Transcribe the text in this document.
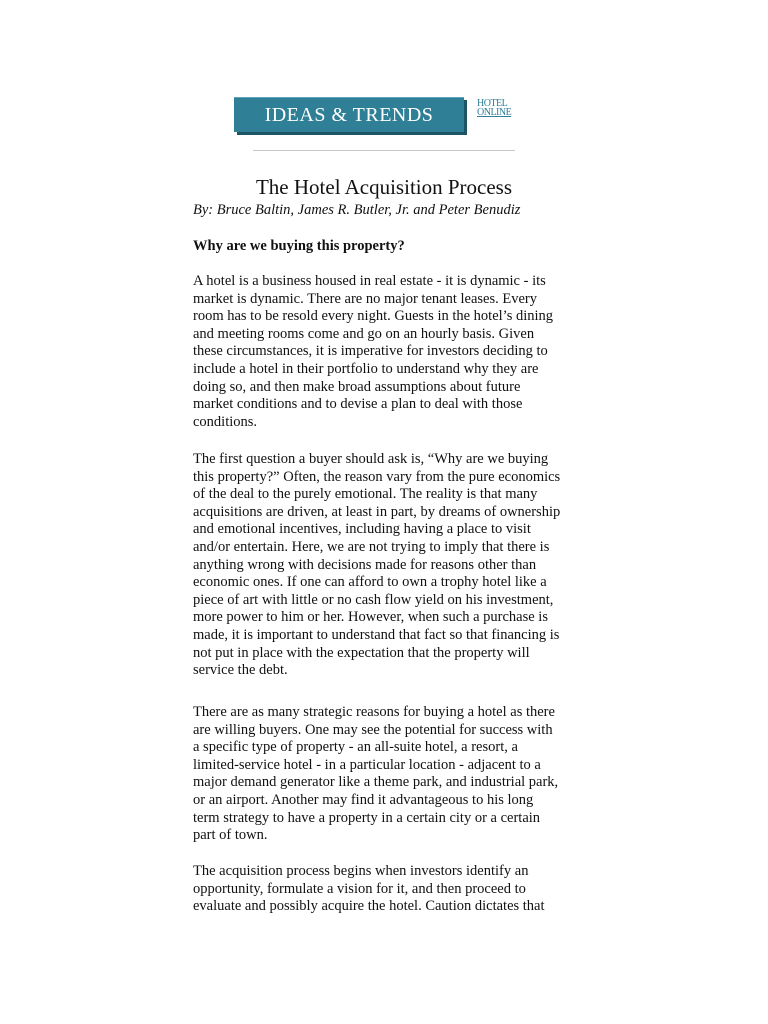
IDEAS & TRENDS
HOTEL
ONLINE
The Hotel Acquisition Process
By: Bruce Baltin, James R. Butler, Jr. and Peter Benudiz
Why are we buying this property?
A hotel is a business housed in real estate - it is dynamic - its
market is dynamic. There are no major tenant leases. Every
room has to be resold every night. Guests in the hotel’s dining
and meeting rooms come and go on an hourly basis. Given
these circumstances, it is imperative for investors deciding to
include a hotel in their portfolio to understand why they are
doing so, and then make broad assumptions about future
market conditions and to devise a plan to deal with those
conditions.
The first question a buyer should ask is, “Why are we buying
this property?” Often, the reason vary from the pure economics
of the deal to the purely emotional. The reality is that many
acquisitions are driven, at least in part, by dreams of ownership
and emotional incentives, including having a place to visit
and/or entertain. Here, we are not trying to imply that there is
anything wrong with decisions made for reasons other than
economic ones. If one can afford to own a trophy hotel like a
piece of art with little or no cash flow yield on his investment,
more power to him or her. However, when such a purchase is
made, it is important to understand that fact so that financing is
not put in place with the expectation that the property will
service the debt.
There are as many strategic reasons for buying a hotel as there
are willing buyers. One may see the potential for success with
a specific type of property - an all-suite hotel, a resort, a
limited-service hotel - in a particular location - adjacent to a
major demand generator like a theme park, and industrial park,
or an airport. Another may find it advantageous to his long
term strategy to have a property in a certain city or a certain
part of town.
The acquisition process begins when investors identify an
opportunity, formulate a vision for it, and then proceed to
evaluate and possibly acquire the hotel. Caution dictates that
